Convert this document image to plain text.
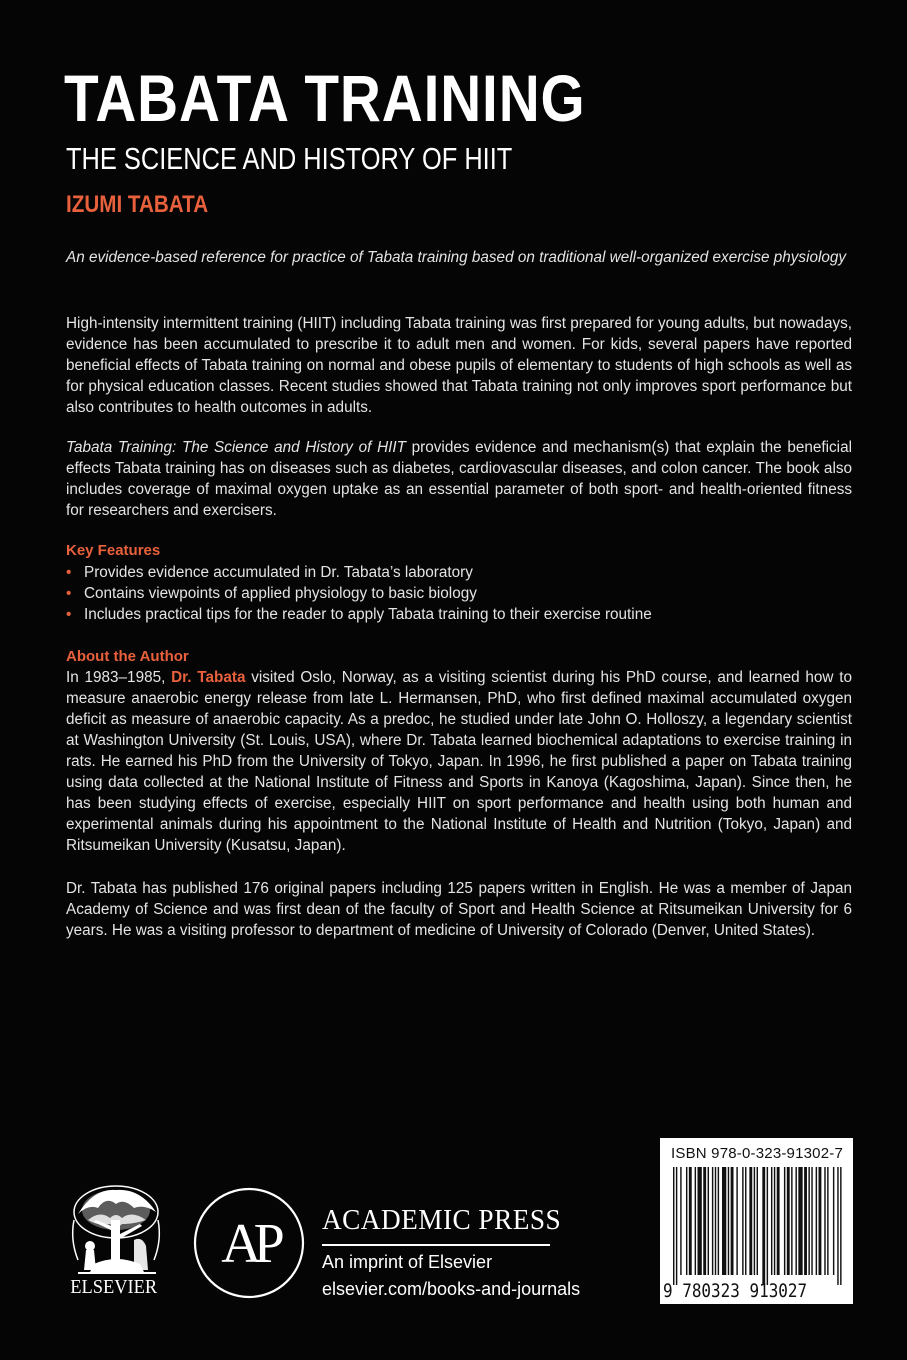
TABATA TRAINING
THE SCIENCE AND HISTORY OF HIIT
IZUMI TABATA

An evidence-based reference for practice of Tabata training based on traditional well-organized exercise physiology

High-intensity intermittent training (HIIT) including Tabata training was first prepared for young adults, but nowadays, evidence has been accumulated to prescribe it to adult men and women. For kids, several papers have reported beneficial effects of Tabata training on normal and obese pupils of elementary to students of high schools as well as for physical education classes. Recent studies showed that Tabata training not only improves sport performance but also contributes to health outcomes in adults.

Tabata Training: The Science and History of HIIT provides evidence and mechanism(s) that explain the beneficial effects Tabata training has on diseases such as diabetes, cardiovascular diseases, and colon cancer. The book also includes coverage of maximal oxygen uptake as an essential parameter of both sport- and health-oriented fitness for researchers and exercisers.

Key Features
• Provides evidence accumulated in Dr. Tabata’s laboratory
• Contains viewpoints of applied physiology to basic biology
• Includes practical tips for the reader to apply Tabata training to their exercise routine
About the Author

In 1983–1985, Dr. Tabata visited Oslo, Norway, as a visiting scientist during his PhD course, and learned how to measure anaerobic energy release from late L. Hermansen, PhD, who first defined maximal accumulated oxygen deficit as measure of anaerobic capacity. As a predoc, he studied under late John O. Holloszy, a legendary scientist at Washington University (St. Louis, USA), where Dr. Tabata learned biochemical adaptations to exercise training in rats. He earned his PhD from the University of Tokyo, Japan. In 1996, he first published a paper on Tabata training using data collected at the National Institute of Fitness and Sports in Kanoya (Kagoshima, Japan). Since then, he has been studying effects of exercise, especially HIIT on sport performance and health using both human and experimental animals during his appointment to the National Institute of Health and Nutrition (Tokyo, Japan) and Ritsumeikan University (Kusatsu, Japan).

Dr. Tabata has published 176 original papers including 125 papers written in English. He was a member of Japan Academy of Science and was first dean of the faculty of Sport and Health Science at Ritsumeikan University for 6 years. He was a visiting professor to department of medicine of University of Colorado (Denver, United States).

ELSEVIER
AP ACADEMIC PRESS
An imprint of Elsevier
elsevier.com/books-and-journals
ISBN 978-0-323-91302-7
9 780323 913027
